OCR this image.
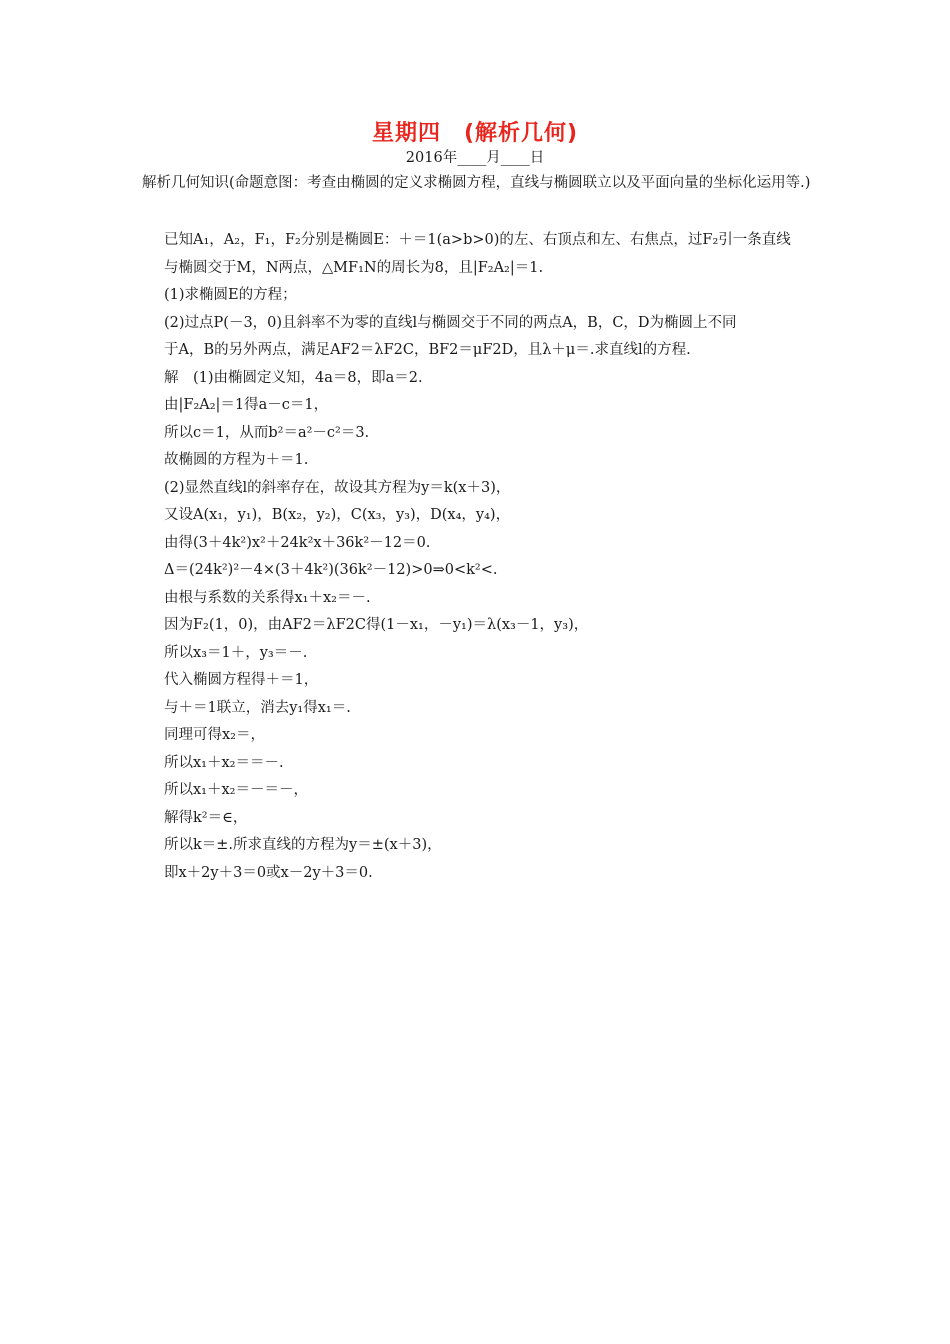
星期四　(解析几何)
2016年____月____日
解析几何知识(命题意图：考查由椭圆的定义求椭圆方程，直线与椭圆联立以及平面向量的坐标化运用等.)
已知A₁，A₂，F₁，F₂分别是椭圆E：＋＝1(a>b>0)的左、右顶点和左、右焦点，过F₂引一条直线
与椭圆交于M，N两点，△MF₁N的周长为8，且|F₂A₂|＝1.
(1)求椭圆E的方程；
(2)过点P(－3，0)且斜率不为零的直线l与椭圆交于不同的两点A，B，C，D为椭圆上不同
于A，B的另外两点，满足AF2＝λF2C，BF2＝μF2D，且λ＋μ＝.求直线l的方程.
解　(1)由椭圆定义知，4a＝8，即a＝2.
由|F₂A₂|＝1得a－c＝1，
所以c＝1，从而b²＝a²－c²＝3.
故椭圆的方程为＋＝1.
(2)显然直线l的斜率存在，故设其方程为y＝k(x＋3)，
又设A(x₁，y₁)，B(x₂，y₂)，C(x₃，y₃)，D(x₄，y₄)，
由得(3＋4k²)x²＋24k²x＋36k²－12＝0.
Δ＝(24k²)²－4×(3＋4k²)(36k²－12)>0⇒0<k²<.
由根与系数的关系得x₁＋x₂＝－.
因为F₂(1，0)，由AF2＝λF2C得(1－x₁，－y₁)＝λ(x₃－1，y₃)，
所以x₃＝1＋，y₃＝－.
代入椭圆方程得＋＝1，
与＋＝1联立，消去y₁得x₁＝.
同理可得x₂＝，
所以x₁＋x₂＝＝－.
所以x₁＋x₂＝－＝－，
解得k²＝∈，
所以k＝±.所求直线的方程为y＝±(x＋3)，
即x＋2y＋3＝0或x－2y＋3＝0.
